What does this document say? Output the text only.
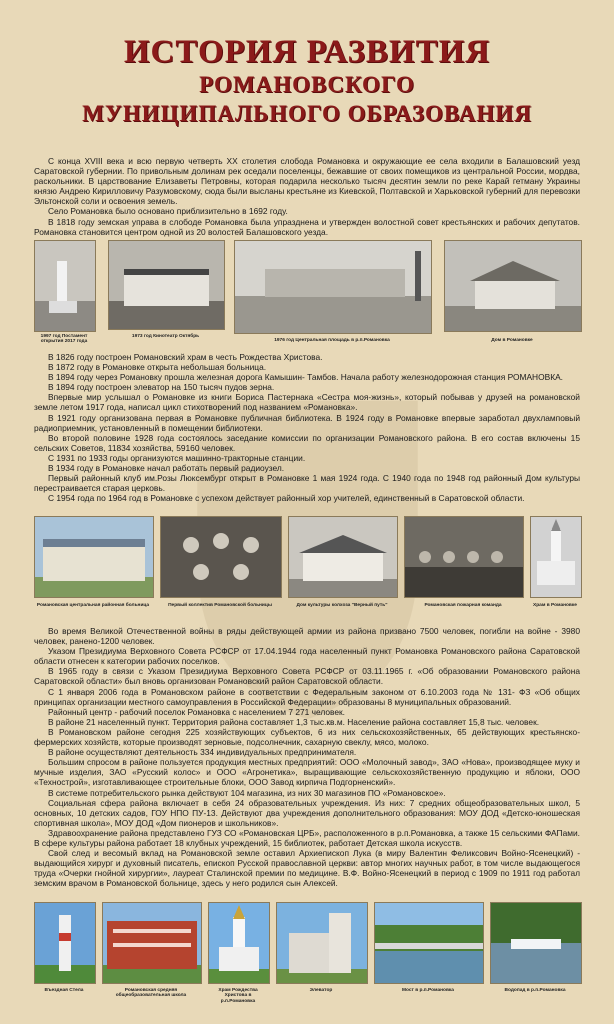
ИСТОРИЯ РАЗВИТИЯ
РОМАНОВСКОГО
МУНИЦИПАЛЬНОГО ОБРАЗОВАНИЯ

С конца XVIII века и всю первую четверть XX столетия слобода Романовка и окружающие ее села входили в Балашовский уезд Саратовской губернии. По привольным долинам рек оседали поселенцы, бежавшие от своих помещиков из центральной России, мордва, раскольники. В царствование Елизаветы Петровны, которая подарила несколько тысяч десятин земли по реке Карай гетману Украины князю Андрею Кирилловичу Разумовскому, сюда были высланы крестьяне из Киевской, Полтавской и Харьковской губерний для перевозки Эльтонской соли и освоения земель.

Село Романовка было основано приблизительно в 1692 году.

В 1818 году земская управа в слободе Романовка была упразднена и утвержден волостной совет крестьянских и рабочих депутатов. Романовка становится центром одной из 20 волостей Балашовского уезда.

1997 год Постамент открытия 2017 года
1973 год Кинотеатр Октябрь
1976 год Центральная площадь в р.п.Романовка	Дом в Романовке

В 1826 году построен Романовский храм в честь Рождества Христова.

В 1872 году в Романовке открыта небольшая больница.

В 1894 году через Романовку прошла железная дорога Камышин- Тамбов. Начала работу железнодорожная станция РОМАНОВКА.

В 1894 году построен элеватор на 150 тысяч пудов зерна.

Впервые мир услышал о Романовке из книги Бориса Пастернака «Сестра моя-жизнь», который побывав у друзей на романовской земле летом 1917 года, написал цикл стихотворений под названием «Романовка».

В 1921 году организована первая в Романовке публичная библиотека. В 1924 году в Романовке впервые заработал двухламповый радиоприемник, установленный в помещении библиотеки.

Во второй половине 1928 года состоялось заседание комиссии по организации Романовского района. В его состав включены 15 сельских Советов, 11834 хозяйства, 59160 человек.

С 1931 по 1933 годы организуются машинно-тракторные станции.

В 1934 году в Романовке начал работать первый радиоузел.

Первый районный клуб им.Розы Люксембург открыт в Романовке 1 мая 1924 года. С 1940 года по 1948 год районный Дом культуры перестраивается старая церковь.

С 1954 года по 1964 год в Романовке с успехом действует районный хор учителей, единственный в Саратовской области.

Романовская центральная районная больница	Первый коллектив Романовской больницы	Дом культуры колхоза "Верный путь"	Романовская пожарная команда	Храм в Романовке

Во время Великой Отечественной войны в ряды действующей армии из района призвано 7500 человек, погибли на войне - 3980 человек, ранено-1200 человек.

Указом Президиума Верховного Совета РСФСР от 17.04.1944 года населенный пункт Романовка Романовского района Саратовской области отнесен к категории рабочих поселков.

В 1965 году в связи с Указом Президиума Верховного Совета РСФСР от 03.11.1965 г. «Об образовании Романовского района Саратовской области» был вновь организован Романовский район Саратовской области.

С 1 января 2006 года в Романовском районе в соответствии с Федеральным законом от 6.10.2003 года № 131- ФЗ «Об общих принципах организации местного самоуправления в Российской Федерации» образованы 8 муниципальных образований.

Районный центр - рабочий поселок Романовка с населением 7 271 человек.

В районе 21 населенный пункт. Территория района составляет 1,3 тыс.кв.м. Население района составляет 15,8 тыс. человек.

В Романовском районе сегодня 225 хозяйствующих субъектов, 6 из них сельскохозяйственных, 65 действующих крестьянско-фермерских хозяйств, которые производят зерновые, подсолнечник, сахарную свеклу, мясо, молоко.

В районе осуществляют деятельность 334 индивидуальных предпринимателя.

Большим спросом в районе пользуется продукция местных предприятий: ООО «Молочный завод», ЗАО «Нова», производящее муку и мучные изделия, ЗАО «Русский колос» и ООО «Агронетика», выращивающие сельскохозяйственную продукцию и яблоки, ООО «Технострой», изготавливающее строительные блоки, ООО Завод кирпича Подгорненский».

В системе потребительского рынка действуют 104 магазина, из них 30 магазинов ПО «Романовское».

Социальная сфера района включает в себя 24 образовательных учреждения. Из них: 7 средних общеобразовательных школ, 5 основных, 10 детских садов, ГОУ НПО ПУ-13. Действуют два учреждения дополнительного образования: МОУ ДОД «Детско-юношеская спортивная школа», МОУ ДОД «Дом пионеров и школьников».

Здравоохранение района представлено ГУЗ СО «Романовская ЦРБ», расположенного в р.п.Романовка, а также 15 сельскими ФАПами. В сфере культуры района работает 18 клубных учреждений, 15 библиотек, работает Детская школа искусств.

Свой след и весомый вклад на Романовской земле оставил Архиепископ Лука (в миру Валентин Феликсович Войно-Ясенецкий) - выдающийся хирург и духовный писатель, епископ Русской православной церкви: автор многих научных работ, в том числе выдающегося труда «Очерки гнойной хирургии», лауреат Сталинской премии по медицине. В.Ф. Войно-Ясенецкий в период с 1909 по 1911 год работал земским врачом в Романовской больнице, здесь у него родился сын Алексей.

Въездная Стела	Романовская средняя общеобразовательная школа
Храм Рождества Христова в р.п.Романовка
Элеватор	Мост в р.п.Романовка	Водопад в р.п.Романовка
